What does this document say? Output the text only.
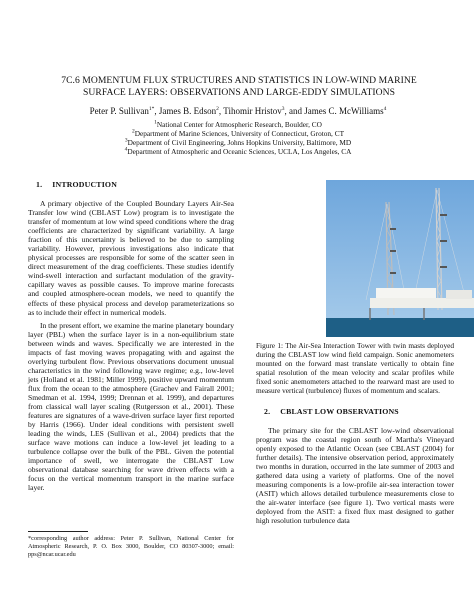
7C.6 MOMENTUM FLUX STRUCTURES AND STATISTICS IN LOW-WIND MARINE
SURFACE LAYERS: OBSERVATIONS AND LARGE-EDDY SIMULATIONS
Peter P. Sullivan$^{1*}$, James B. Edson$^2$, Tihomir Hristov$^3$, and James C. McWilliams$^4$
$^1$National Center for Atmospheric Research, Boulder, CO
$^2$Department of Marine Sciences, University of Connecticut, Groton, CT
$^3$Department of Civil Engineering, Johns Hopkins University, Baltimore, MD
$^4$Department of Atmospheric and Oceanic Sciences, UCLA, Los Angeles, CA
1. INTRODUCTION

A primary objective of the Coupled Boundary Layers Air-Sea Transfer low wind (CBLAST Low) program is to investigate the transfer of momentum at low wind speed conditions where the drag coefficients are characterized by significant variability. A large fraction of this uncertainty is believed to be due to sampling variability. However, previous investigations also indicate that physical processes are responsible for some of the scatter seen in direct measurement of the drag coefficients. These studies identify wind-swell interaction and surfactant modulation of the gravity-capillary waves as possible causes. To improve marine forecasts and coupled atmosphere-ocean models, we need to quantify the effects of these physical process and develop parameterizations so as to include their effect in numerical models.

In the present effort, we examine the marine planetary boundary layer (PBL) when the surface layer is in a non-equilibrium state between winds and waves. Specifically we are interested in the impacts of fast moving waves propagating with and against the overlying turbulent flow. Previous observations document unusual characteristics in the wind following wave regime; e.g., low-level jets (Holland et al. 1981; Miller 1999), positive upward momentum flux from the ocean to the atmosphere (Grachev and Fairall 2001; Smedman et al. 1994, 1999; Drennan et al. 1999), and departures from classical wall layer scaling (Rutgersson et al., 2001). These features are signatures of a wave-driven surface layer first reported by Harris (1966). Under ideal conditions with persistent swell leading the winds, LES (Sullivan et al., 2004) predicts that the surface wave motions can induce a low-level jet leading to a turbulence collapse over the bulk of the PBL. Given the potential importance of swell, we interrogate the CBLAST Low observational database searching for wave driven effects with a focus on the vertical momentum transport in the marine surface layer.

*corresponding author address: Peter P. Sullivan, National Center for Atmospheric Research, P. O. Box 3000, Boulder, CO 80307-3000; email: pps@ncar.ucar.edu

Figure 1: The Air-Sea Interaction Tower with twin masts deployed during the CBLAST low wind field campaign. Sonic anemometers mounted on the forward mast translate vertically to obtain fine spatial resolution of the mean velocity and scalar profiles while fixed sonic anemometers attached to the rearward mast are used to measure vertical (turbulence) fluxes of momentum and scalars.

2. CBLAST LOW OBSERVATIONS

The primary site for the CBLAST low-wind observational program was the coastal region south of Martha's Vineyard openly exposed to the Atlantic Ocean (see CBLAST (2004) for further details). The intensive observation period, approximately two months in duration, occurred in the late summer of 2003 and gathered data using a variety of platforms. One of the novel measuring components is a low-profile air-sea interaction tower (ASIT) which allows detailed turbulence measurements close to the air-water interface (see figure 1). Two vertical masts were deployed from the ASIT: a fixed flux mast designed to gather high resolution turbulence data
